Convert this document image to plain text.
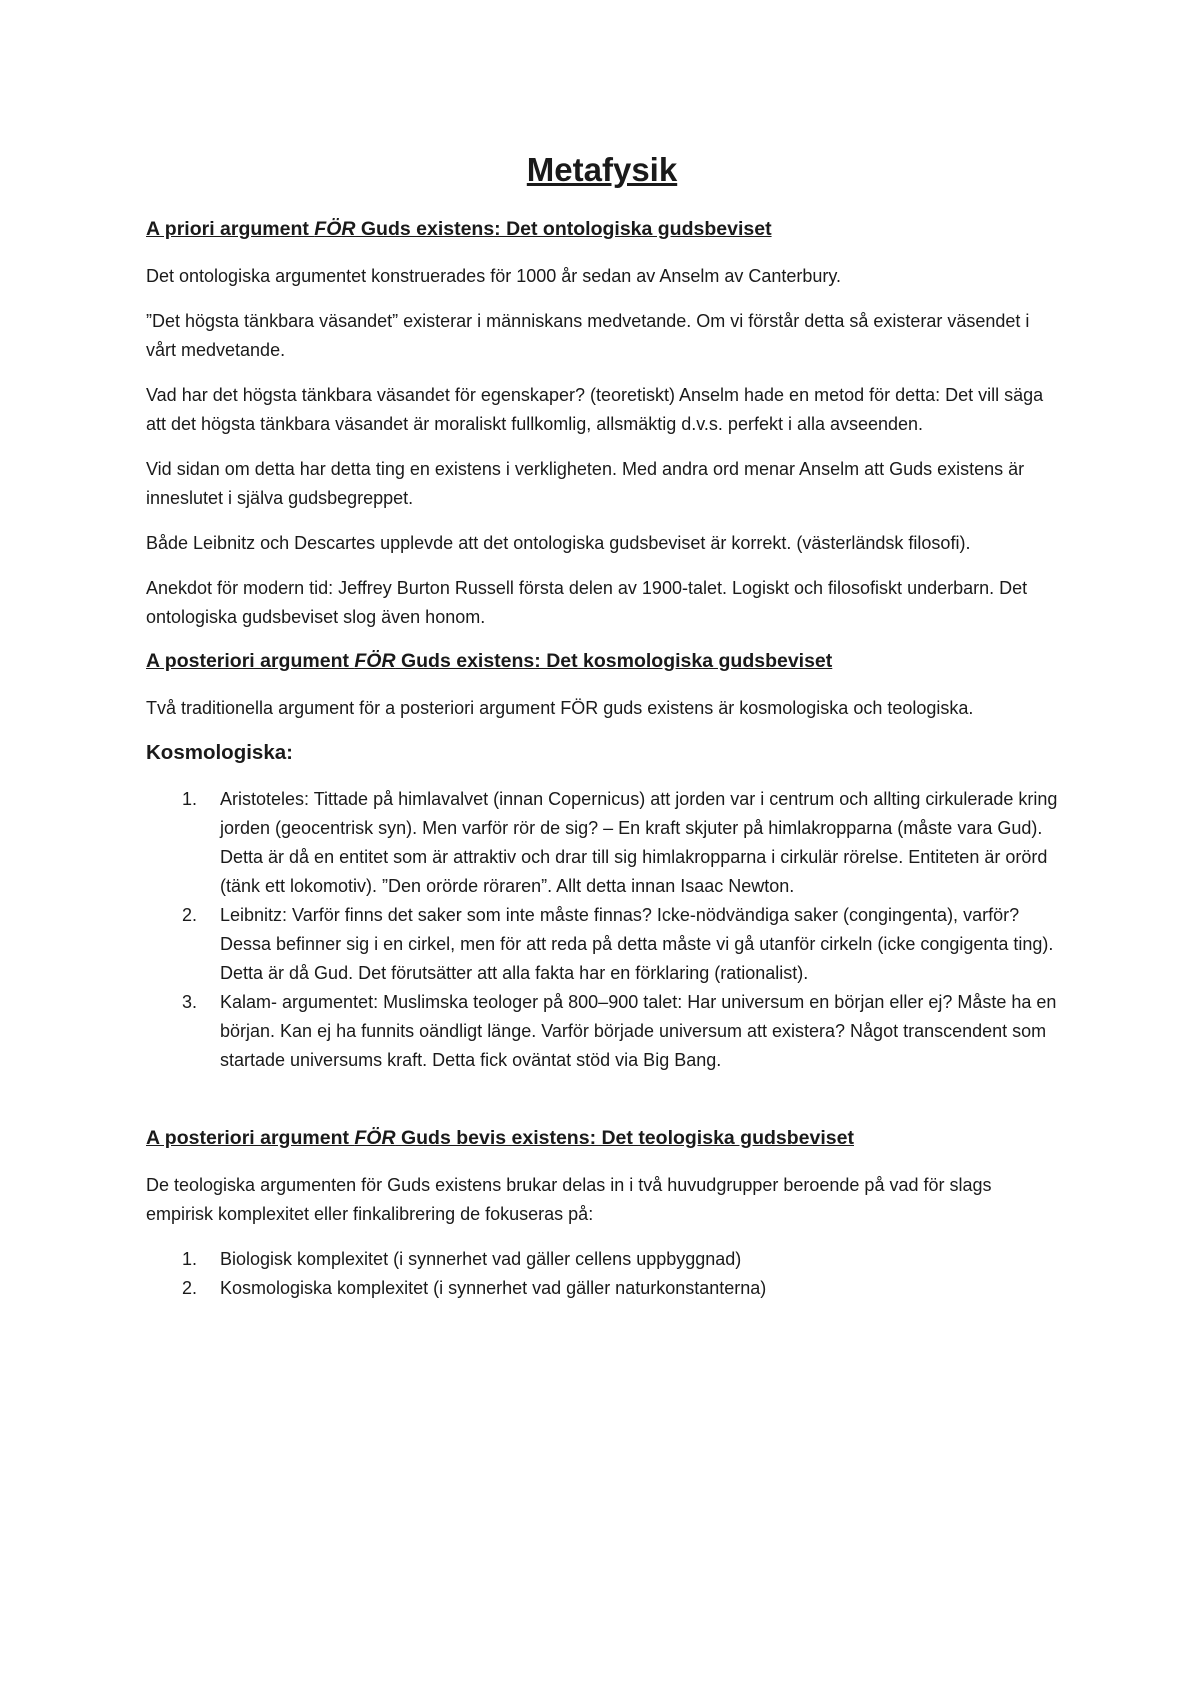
Metafysik
A priori argument FÖR Guds existens: Det ontologiska gudsbeviset

Det ontologiska argumentet konstruerades för 1000 år sedan av Anselm av Canterbury.

”Det högsta tänkbara väsandet” existerar i människans medvetande. Om vi förstår detta så existerar väsendet i vårt medvetande.

Vad har det högsta tänkbara väsandet för egenskaper? (teoretiskt) Anselm hade en metod för detta: Det vill säga att det högsta tänkbara väsandet är moraliskt fullkomlig, allsmäktig d.v.s. perfekt i alla avseenden.

Vid sidan om detta har detta ting en existens i verkligheten. Med andra ord menar Anselm att Guds existens är inneslutet i själva gudsbegreppet.

Både Leibnitz och Descartes upplevde att det ontologiska gudsbeviset är korrekt. (västerländsk filosofi).

Anekdot för modern tid: Jeffrey Burton Russell första delen av 1900-talet. Logiskt och filosofiskt underbarn. Det ontologiska gudsbeviset slog även honom.

A posteriori argument FÖR Guds existens: Det kosmologiska gudsbeviset

Två traditionella argument för a posteriori argument FÖR guds existens är kosmologiska och teologiska.

Kosmologiska:
1. Aristoteles: Tittade på himlavalvet (innan Copernicus) att jorden var i centrum och allting cirkulerade kring jorden (geocentrisk syn). Men varför rör de sig? – En kraft skjuter på himlakropparna (måste vara Gud). Detta är då en entitet som är attraktiv och drar till sig himlakropparna i cirkulär rörelse. Entiteten är orörd (tänk ett lokomotiv). ”Den orörde röraren”. Allt detta innan Isaac Newton.
2. Leibnitz: Varför finns det saker som inte måste finnas? Icke-nödvändiga saker (congingenta), varför? Dessa befinner sig i en cirkel, men för att reda på detta måste vi gå utanför cirkeln (icke congigenta ting). Detta är då Gud. Det förutsätter att alla fakta har en förklaring (rationalist).
3. Kalam- argumentet: Muslimska teologer på 800–900 talet: Har universum en början eller ej? Måste ha en början. Kan ej ha funnits oändligt länge. Varför började universum att existera? Något transcendent som startade universums kraft. Detta fick oväntat stöd via Big Bang.
A posteriori argument FÖR Guds bevis existens: Det teologiska gudsbeviset

De teologiska argumenten för Guds existens brukar delas in i två huvudgrupper beroende på vad för slags empirisk komplexitet eller finkalibrering de fokuseras på:

1. Biologisk komplexitet (i synnerhet vad gäller cellens uppbyggnad)
2. Kosmologiska komplexitet (i synnerhet vad gäller naturkonstanterna)
